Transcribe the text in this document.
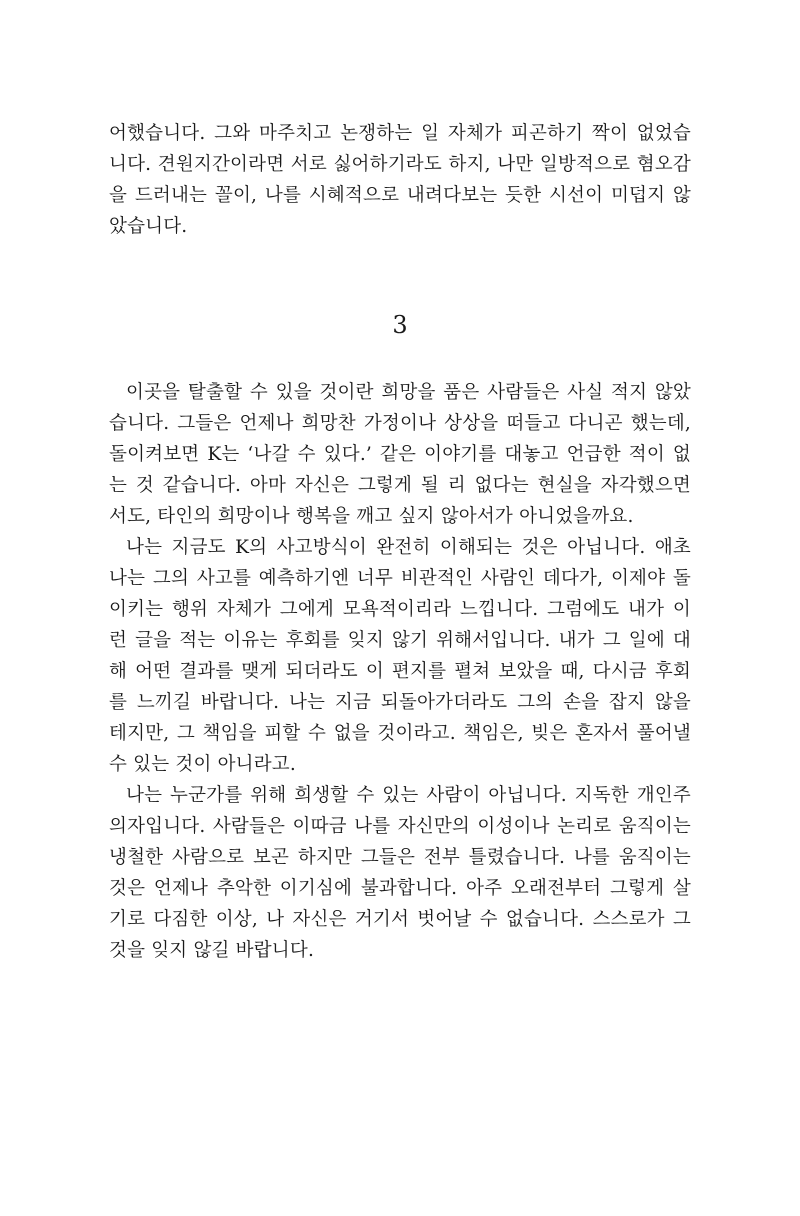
어했습니다. 그와 마주치고 논쟁하는 일 자체가 피곤하기 짝이 없었습
니다. 견원지간이라면 서로 싫어하기라도 하지, 나만 일방적으로 혐오감
을 드러내는 꼴이, 나를 시혜적으로 내려다보는 듯한 시선이 미덥지 않
았습니다.
3
이곳을 탈출할 수 있을 것이란 희망을 품은 사람들은 사실 적지 않았
습니다. 그들은 언제나 희망찬 가정이나 상상을 떠들고 다니곤 했는데,
돌이켜보면 K는 ‘나갈 수 있다.’ 같은 이야기를 대놓고 언급한 적이 없
는 것 같습니다. 아마 자신은 그렇게 될 리 없다는 현실을 자각했으면
서도, 타인의 희망이나 행복을 깨고 싶지 않아서가 아니었을까요.
나는 지금도 K의 사고방식이 완전히 이해되는 것은 아닙니다. 애초
나는 그의 사고를 예측하기엔 너무 비관적인 사람인 데다가, 이제야 돌
이키는 행위 자체가 그에게 모욕적이리라 느낍니다. 그럼에도 내가 이
런 글을 적는 이유는 후회를 잊지 않기 위해서입니다. 내가 그 일에 대
해 어떤 결과를 맺게 되더라도 이 편지를 펼쳐 보았을 때, 다시금 후회
를 느끼길 바랍니다. 나는 지금 되돌아가더라도 그의 손을 잡지 않을
테지만, 그 책임을 피할 수 없을 것이라고. 책임은, 빚은 혼자서 풀어낼
수 있는 것이 아니라고.
나는 누군가를 위해 희생할 수 있는 사람이 아닙니다. 지독한 개인주
의자입니다. 사람들은 이따금 나를 자신만의 이성이나 논리로 움직이는
냉철한 사람으로 보곤 하지만 그들은 전부 틀렸습니다. 나를 움직이는
것은 언제나 추악한 이기심에 불과합니다. 아주 오래전부터 그렇게 살
기로 다짐한 이상, 나 자신은 거기서 벗어날 수 없습니다. 스스로가 그
것을 잊지 않길 바랍니다.
